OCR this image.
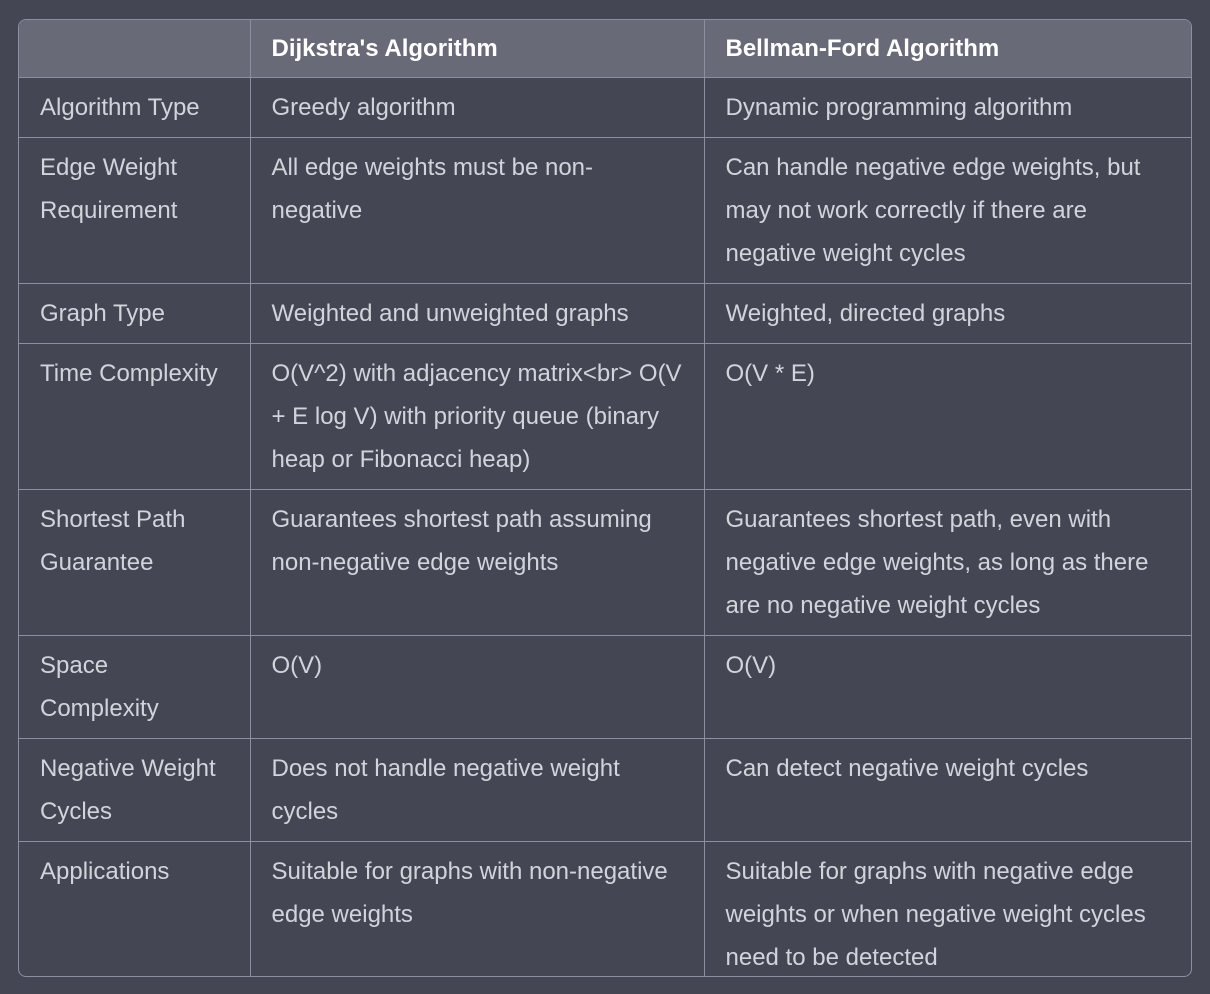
	Dijkstra's Algorithm	Bellman-Ford Algorithm
Algorithm Type	Greedy algorithm	Dynamic programming algorithm
Edge Weight Requirement	All edge weights must be non-negative	Can handle negative edge weights, but may not work correctly if there are negative weight cycles
Graph Type	Weighted and unweighted graphs	Weighted, directed graphs
Time Complexity	O(V^2) with adjacency matrix<br> O(V + E log V) with priority queue (binary heap or Fibonacci heap)	O(V * E)
Shortest Path Guarantee	Guarantees shortest path assuming non-negative edge weights	Guarantees shortest path, even with negative edge weights, as long as there are no negative weight cycles
Space Complexity	O(V)	O(V)
Negative Weight Cycles	Does not handle negative weight cycles	Can detect negative weight cycles
Applications	Suitable for graphs with non-negative edge weights	Suitable for graphs with negative edge weights or when negative weight cycles need to be detected
